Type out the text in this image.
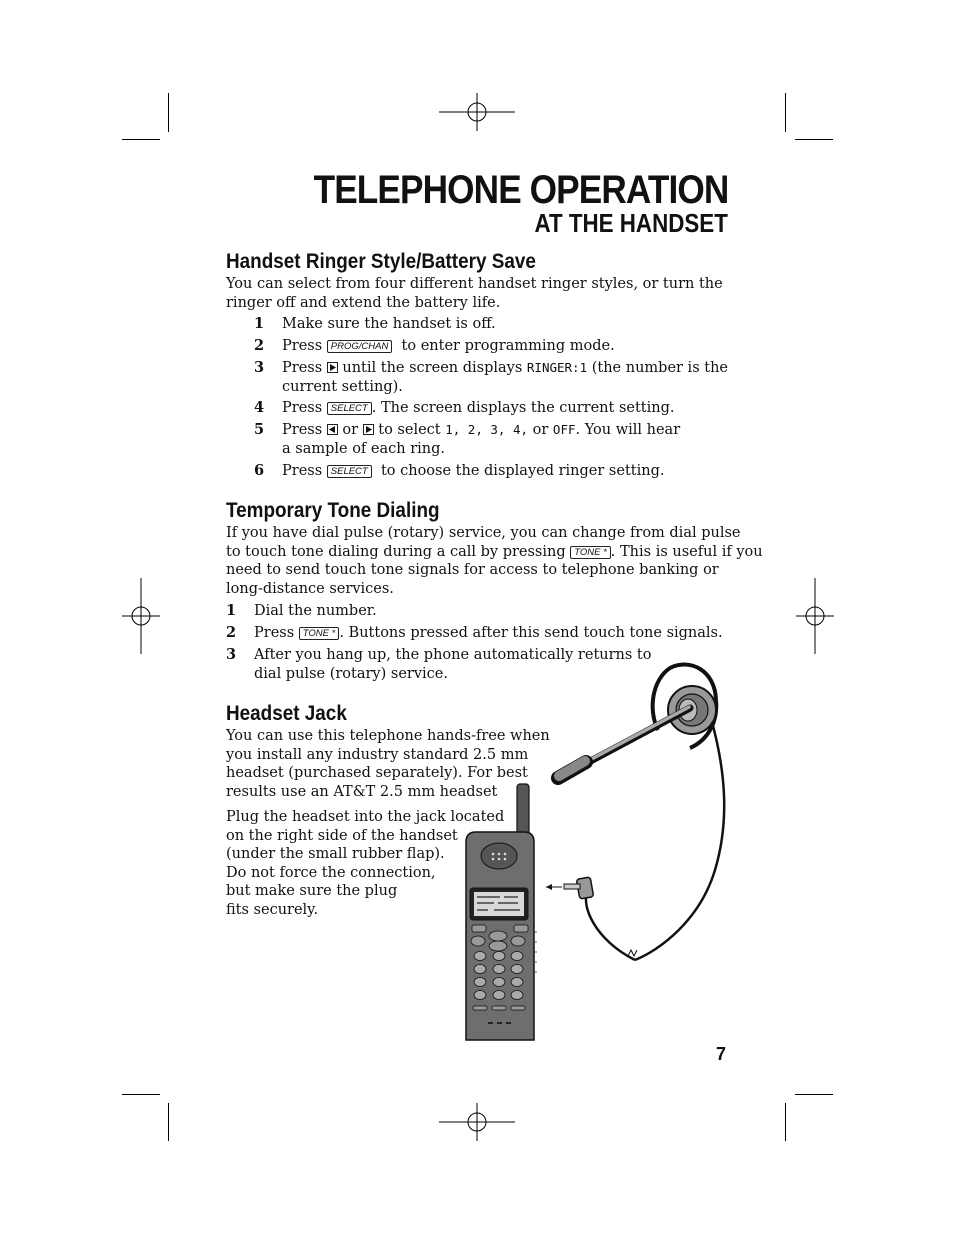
TELEPHONE OPERATION
AT THE HANDSET
Handset Ringer Style/Battery Save
You can select from four different handset ringer styles, or turn the
ringer off and extend the battery life.
1 Make sure the handset is off.
2 Press PROG/CHAN to enter programming mode.
3 Press until the screen displays RINGER:1 (the number is the
current setting).
4 Press SELECT . The screen displays the current setting.
5 Press or to select 1, 2, 3, 4, or OFF. You will hear
a sample of each ring.
6 Press SELECT to choose the displayed ringer setting.
Temporary Tone Dialing
If you have dial pulse (rotary) service, you can change from dial pulse
to touch tone dialing during a call by pressing TONE * . This is useful if you
need to send touch tone signals for access to telephone banking or
long-distance services.
1 Dial the number.
2 Press TONE * . Buttons pressed after this send touch tone signals.
3 After you hang up, the phone automatically returns to
dial pulse (rotary) service.
Headset Jack
You can use this telephone hands-free when
you install any industry standard 2.5 mm
headset (purchased separately). For best
results use an AT&T 2.5 mm headset
Plug the headset into the jack located
on the right side of the handset
(under the small rubber flap).
Do not force the connection,
but make sure the plug
fits securely.
7
